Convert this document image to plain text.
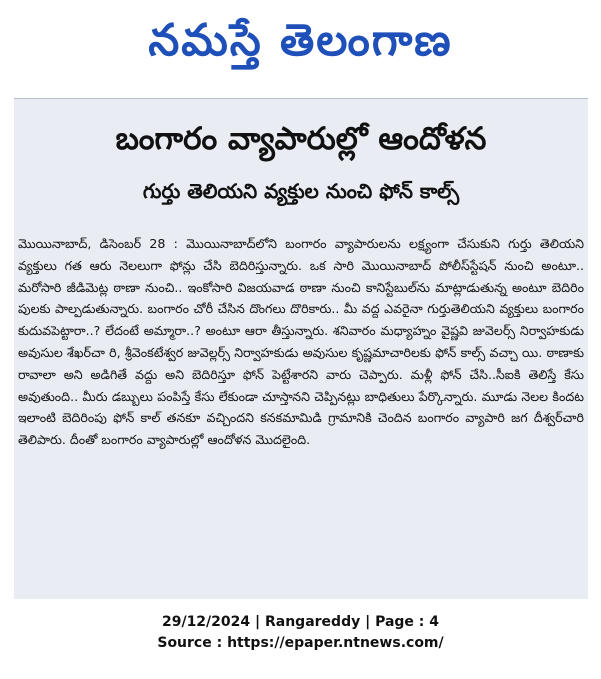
నమస్తే తెలంగాణ

బంగారం వ్యాపారుల్లో ఆందోళన
గుర్తు తెలియని వ్యక్తుల నుంచి ఫోన్ కాల్స్

మొయినాబాద్, డిసెంబర్ 28 : మొయినాబాద్‌లోని బంగారం వ్యాపారులను లక్ష్యంగా చేసుకుని గుర్తు తెలియని వ్యక్తులు గత ఆరు నెలలుగా ఫోన్లు చేసి బెదిరిస్తున్నారు. ఒక సారి మొయినాబాద్ పోలీస్‌స్టేషన్ నుంచి అంటూ.. మరోసారి జీడిమెట్ల ఠాణా నుంచి.. ఇంకోసారి విజయవాడ ఠాణా నుంచి కానిస్టేబుల్‌ను మాట్లాడుతున్న అంటూ బెదిరిం పులకు పాల్పడుతున్నారు. బంగారం చోరీ చేసిన దొంగలు దొరికారు.. మీ వద్ద ఎవరైనా గుర్తుతెలియని వ్యక్తులు బంగారం కుదువపెట్టారా..? లేదంటే అమ్మారా..? అంటూ ఆరా తీస్తున్నారు. శనివారం మధ్యాహ్నం వైష్ణవి జువెలర్స్ నిర్వాహకుడు అవుసుల శేఖర్‌చా రి, శ్రీవెంకటేశ్వర జువెల్లర్స్ నిర్వాహకుడు అవుసుల కృష్ణమాచారిలకు ఫోన్ కాల్స్ వచ్చా యి. ఠాణాకు రావాలా అని అడిగితే వద్దు అని బెదిరిస్తూ ఫోన్ పెట్టేశారని వారు చెప్పారు. మళ్లీ ఫోన్ చేసి..సీఐకి తెలిస్తే కేసు అవుతుంది.. మీరు డబ్బులు పంపిస్తే కేసు లేకుండా చూస్తానని చెప్పినట్లు బాధితులు పేర్కొన్నారు. మూడు నెలల కిందట ఇలాంటి బెదిరింపు ఫోన్ కాల్ తనకూ వచ్చిందని కనకమామిడి గ్రామానికి చెందిన బంగారం వ్యాపారి జగ దీశ్వర్‌చారి తెలిపారు. దీంతో బంగారం వ్యాపారుల్లో ఆందోళన మొదలైంది.

29/12/2024 | Rangareddy | Page : 4
Source : https://epaper.ntnews.com/
